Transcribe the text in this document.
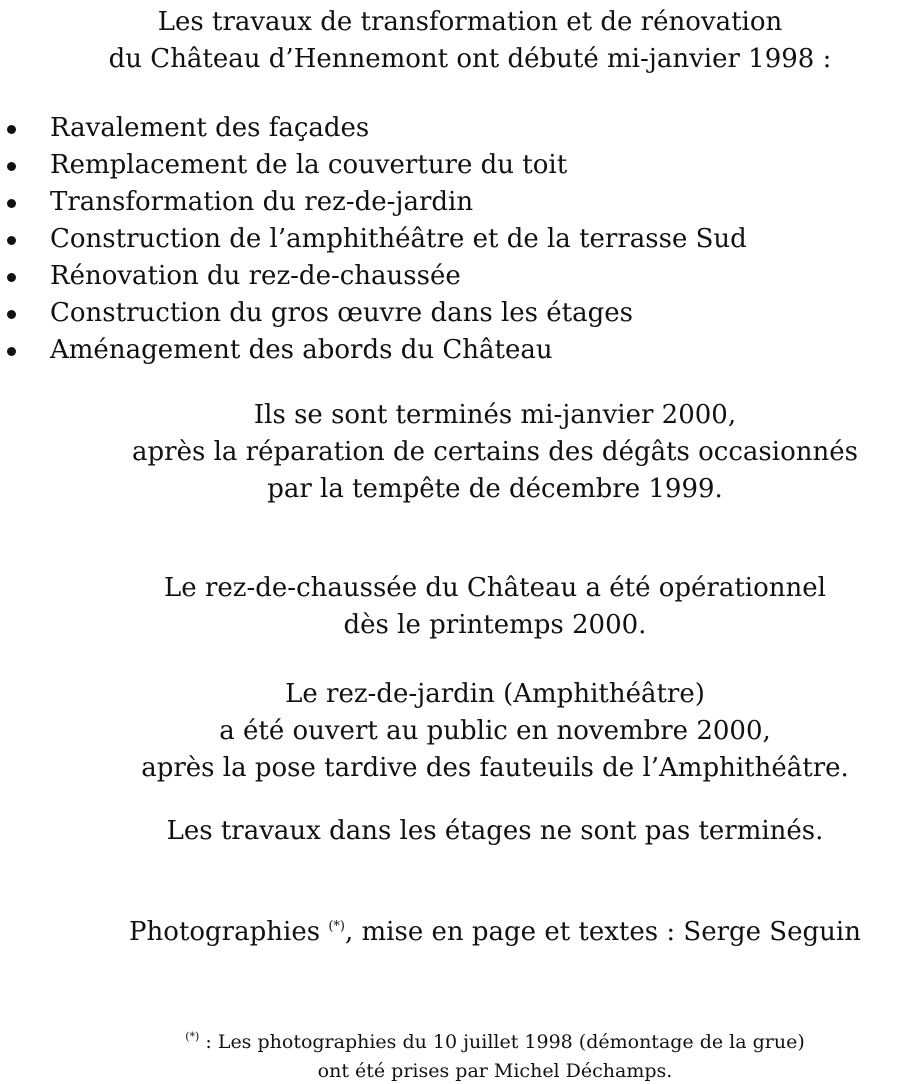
Les travaux de transformation et de rénovation
du Château d’Hennemont ont débuté mi-janvier 1998 :

Ravalement des façades
Remplacement de la couverture du toit
Transformation du rez-de-jardin
Construction de l’amphithéâtre et de la terrasse Sud
Rénovation du rez-de-chaussée
Construction du gros œuvre dans les étages
Aménagement des abords du Château

Ils se sont terminés mi-janvier 2000,
après la réparation de certains des dégâts occasionnés
par la tempête de décembre 1999.

Le rez-de-chaussée du Château a été opérationnel
dès le printemps 2000.

Le rez-de-jardin (Amphithéâtre)
a été ouvert au public en novembre 2000,
après la pose tardive des fauteuils de l’Amphithéâtre.

Les travaux dans les étages ne sont pas terminés.

Photographies (*), mise en page et textes : Serge Seguin

(*) : Les photographies du 10 juillet 1998 (démontage de la grue)
ont été prises par Michel Déchamps.
